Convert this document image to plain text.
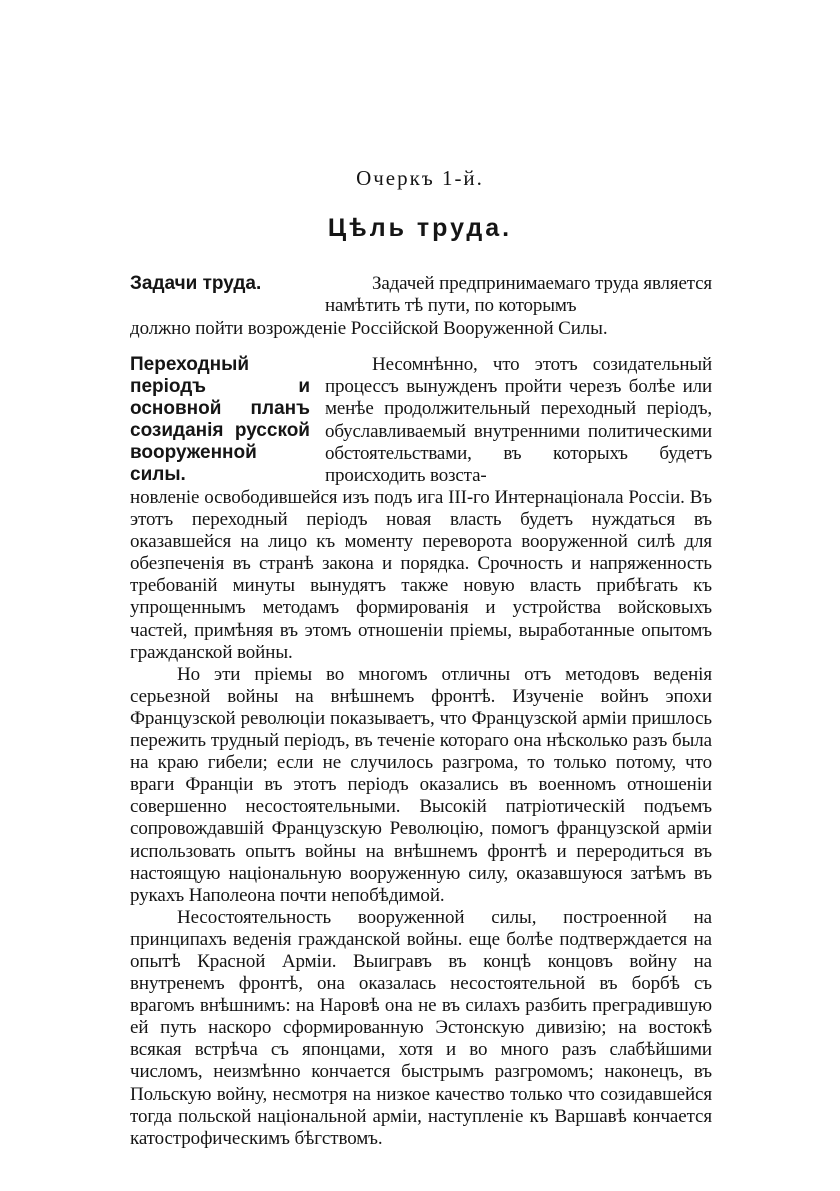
Очеркъ 1-й.
Цѣль труда.
Задачи труда.	Задачей предпринимаемаго труда является намѣтить тѣ пути, по которымъ

должно пойти возрожденіе Россійской Вооруженной Силы.
Переходный періодъ и основной планъ созиданія русской вооруженной силы.

Несомнѣнно, что этотъ созидательный процессъ вынужденъ пройти черезъ болѣе или менѣе продолжительный переходный періодъ, обуславливаемый внутренними политическими обстоятельствами, въ которыхъ будетъ происходить возста-

новленіе освободившейся изъ подъ ига III-го Интернаціонала Россіи. Въ этотъ переходный періодъ новая власть будетъ нуждаться въ оказавшейся на лицо къ моменту переворота вооруженной силѣ для обезпеченія въ странѣ закона и порядка. Срочность и напряженность требованій минуты вынудятъ также новую власть прибѣгать къ упрощеннымъ методамъ формированія и устройства войсковыхъ частей, примѣняя въ этомъ отношеніи пріемы, выработанные опытомъ гражданской войны.

Но эти пріемы во многомъ отличны отъ методовъ веденія серьезной войны на внѣшнемъ фронтѣ. Изученіе войнъ эпохи Французской революціи показываетъ, что Французской арміи пришлось пережить трудный періодъ, въ теченіе котораго она нѣсколько разъ была на краю гибели; если не случилось разгрома, то только потому, что враги Франціи въ этотъ періодъ оказались въ военномъ отношеніи совершенно несостоятельными. Высокій патріотическій подъемъ сопровождавшій Французскую Революцію, помогъ французской арміи использовать опытъ войны на внѣшнемъ фронтѣ и переродиться въ настоящую національную вооруженную силу, оказавшуюся затѣмъ въ рукахъ Наполеона почти непобѣдимой.

Несостоятельность вооруженной силы, построенной на принципахъ веденія гражданской войны. еще болѣе подтверждается на опытѣ Красной Арміи. Выигравъ въ концѣ концовъ войну на внутренемъ фронтѣ, она оказалась несостоятельной въ борбѣ съ врагомъ внѣшнимъ: на Наровѣ она не въ силахъ разбить преградившую ей путь наскоро сформированную Эстонскую дивизію; на востокѣ всякая встрѣча съ японцами, хотя и во много разъ слабѣйшими числомъ, неизмѣнно кончается быстрымъ разгромомъ; наконецъ, въ Польскую войну, несмотря на низкое качество только что созидавшейся тогда польской національной арміи, наступленіе къ Варшавѣ кончается катострофическимъ бѣгствомъ.
